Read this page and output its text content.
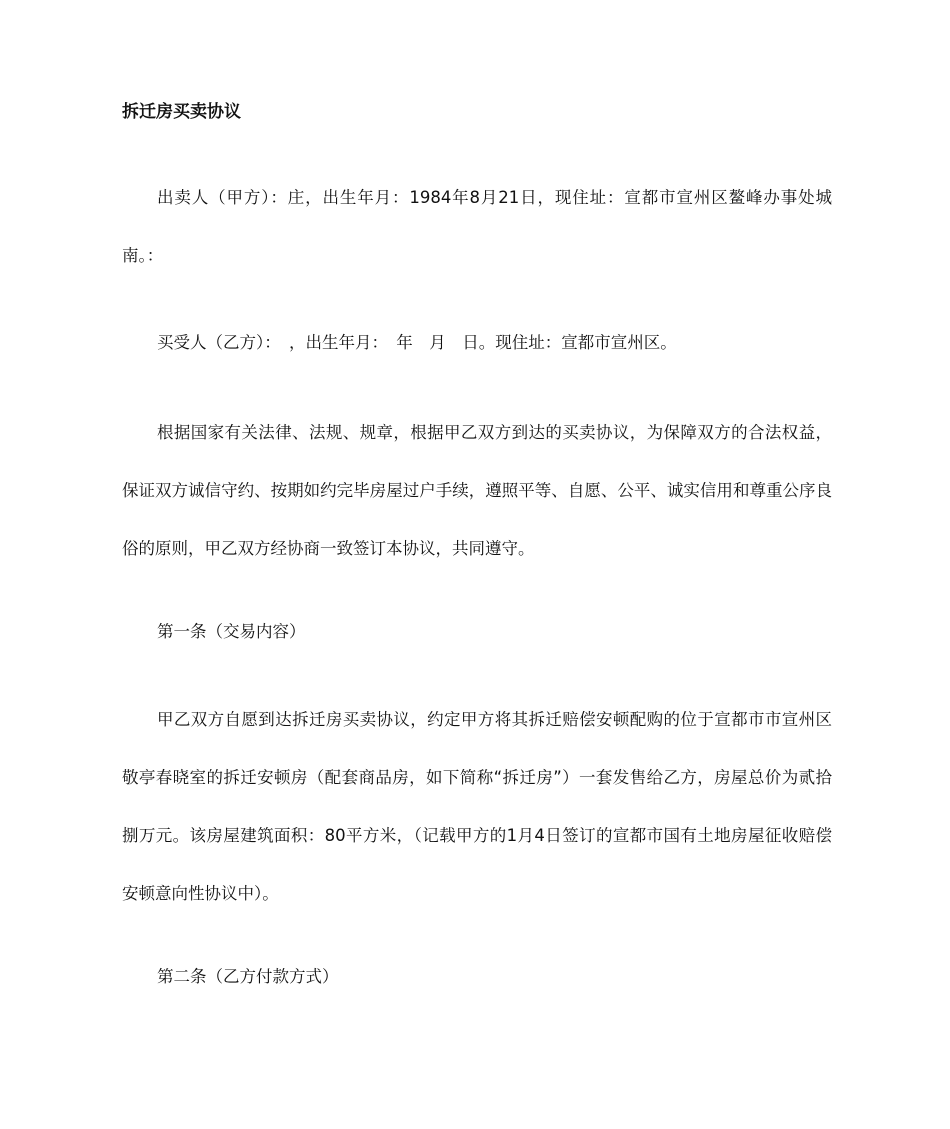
拆迁房买卖协议

出卖人（甲方）：庄，出生年月：1984年8月21日，现住址：宣都市宣州区鳌峰办事处城南。：

买受人（乙方）：　，出生年月：　年　月　日。现住址：宣都市宣州区。

根据国家有关法律、法规、规章，根据甲乙双方到达的买卖协议，为保障双方的合法权益，保证双方诚信守约、按期如约完毕房屋过户手续，遵照平等、自愿、公平、诚实信用和尊重公序良俗的原则，甲乙双方经协商一致签订本协议，共同遵守。

第一条（交易内容）

甲乙双方自愿到达拆迁房买卖协议，约定甲方将其拆迁赔偿安顿配购的位于宣都市市宣州区敬亭春晓室的拆迁安顿房（配套商品房，如下简称“拆迁房”）一套发售给乙方，房屋总价为贰拾捌万元。该房屋建筑面积：80平方米，（记载甲方的1月4日签订的宣都市国有土地房屋征收赔偿安顿意向性协议中）。

第二条（乙方付款方式）
